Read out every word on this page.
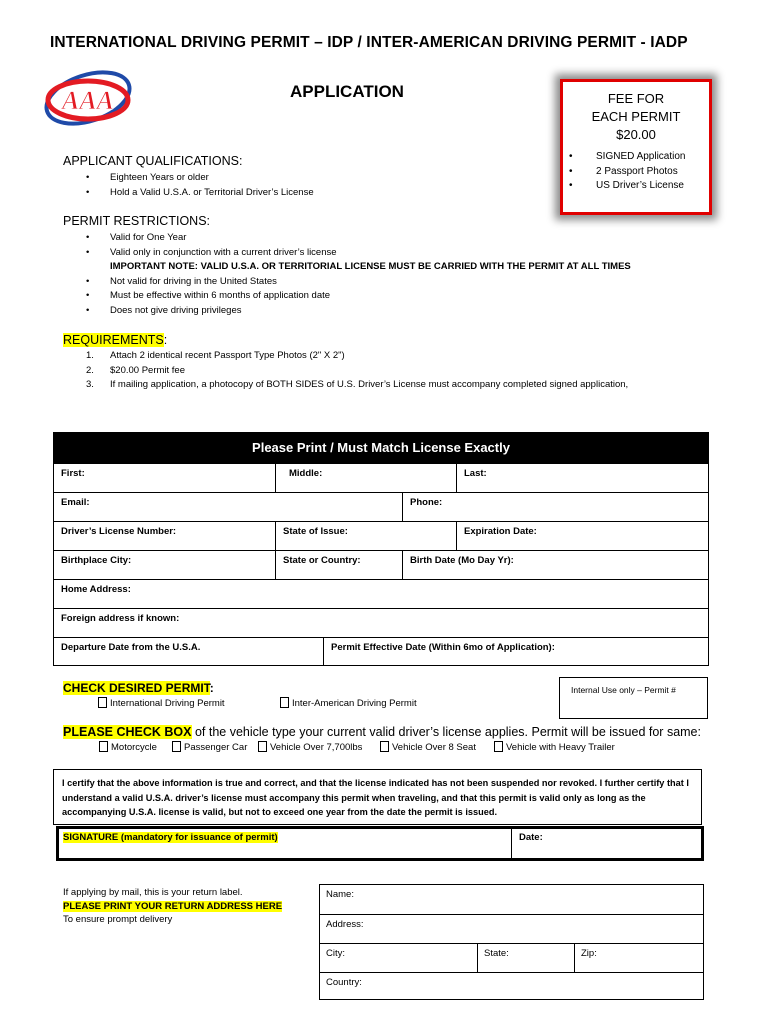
INTERNATIONAL DRIVING PERMIT – IDP / INTER-AMERICAN DRIVING PERMIT - IADP
AAA	APPLICATION	FEE FOR
EACH PERMIT
$20.00
• SIGNED Application
• 2 Passport Photos
• US Driver’s License
APPLICANT QUALIFICATIONS:
• Eighteen Years or older
• Hold a Valid U.S.A. or Territorial Driver’s License
PERMIT RESTRICTIONS:
• Valid for One Year
• Valid only in conjunction with a current driver’s license
IMPORTANT NOTE: VALID U.S.A. OR TERRITORIAL LICENSE MUST BE CARRIED WITH THE PERMIT AT ALL TIMES
• Not valid for driving in the United States
• Must be effective within 6 months of application date
• Does not give driving privileges
REQUIREMENTS:
1. Attach 2 identical recent Passport Type Photos (2" X 2")
2. $20.00 Permit fee
3. If mailing application, a photocopy of BOTH SIDES of U.S. Driver’s License must accompany completed signed application,
Please Print / Must Match License Exactly
First:	Middle:	Last:
Email:	Phone:
Driver’s License Number:	State of Issue:	Expiration Date:
Birthplace City:	State or Country:	Birth Date (Mo Day Yr):
Home Address:
Foreign address if known:
Departure Date from the U.S.A.	Permit Effective Date (Within 6mo of Application):
CHECK DESIRED PERMIT:
International Driving Permit	Inter-American Driving Permit
Internal Use only – Permit #
PLEASE CHECK BOX of the vehicle type your current valid driver’s license applies. Permit will be issued for same:
Motorcycle	Passenger Car	Vehicle Over 7,700lbs	Vehicle Over 8 Seat	Vehicle with Heavy Trailer
I certify that the above information is true and correct, and that the license indicated has not been suspended nor revoked. I further certify that I understand a valid U.S.A. driver’s license must accompany this permit when traveling, and that this permit is valid only as long as the accompanying U.S.A. license is valid, but not to exceed one year from the date the permit is issued.
SIGNATURE (mandatory for issuance of permit)	Date:
If applying by mail, this is your return label.
PLEASE PRINT YOUR RETURN ADDRESS HERE
To ensure prompt delivery
Name:
Address:
City:	State:	Zip:
Country:
